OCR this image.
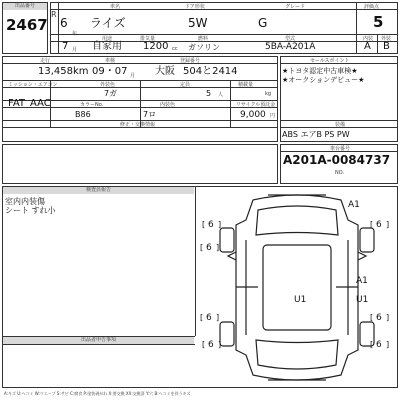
出品番号
2467
R
6
年
車名
ライズ
ドア形状
5W
グレード
G
評価点
5
7 月
用途
自家用
排気量
1200 cc
燃料
ガソリン
型式
5BA-A201A
内装 外装
A B
走行
13,458 km
車検
09・07 月
登録番号
大阪 504と2414
ミッション・エアコン
FAT AAC
外装色
7ガ
定員
5 人
積載量
kg
カラーNo.
B86
内装色
7ロ
リサイクル預託金
9,000 円
修正・交換情報
セールスポイント
★トヨタ認定中古車検★
★オークションデビュー★
装備
ABS エアB PS PW
車台番号
A201A-0084737
NO.
検査員報告
室内内装傷
シート すれ小
出品者申告事項
6
A1
6
6
A1
U1	U1
6	6
6	6
[ ]	[ ]
[ ]
[ ]	[ ]
[ ]	[ ]
A:キズ U:ヘコミ W:ウエーブ S:サビ C:腐食 P:塗装剥がれ X:要交換 XX:交換済 Y:穴 B:ヘコミを伴うキズ
